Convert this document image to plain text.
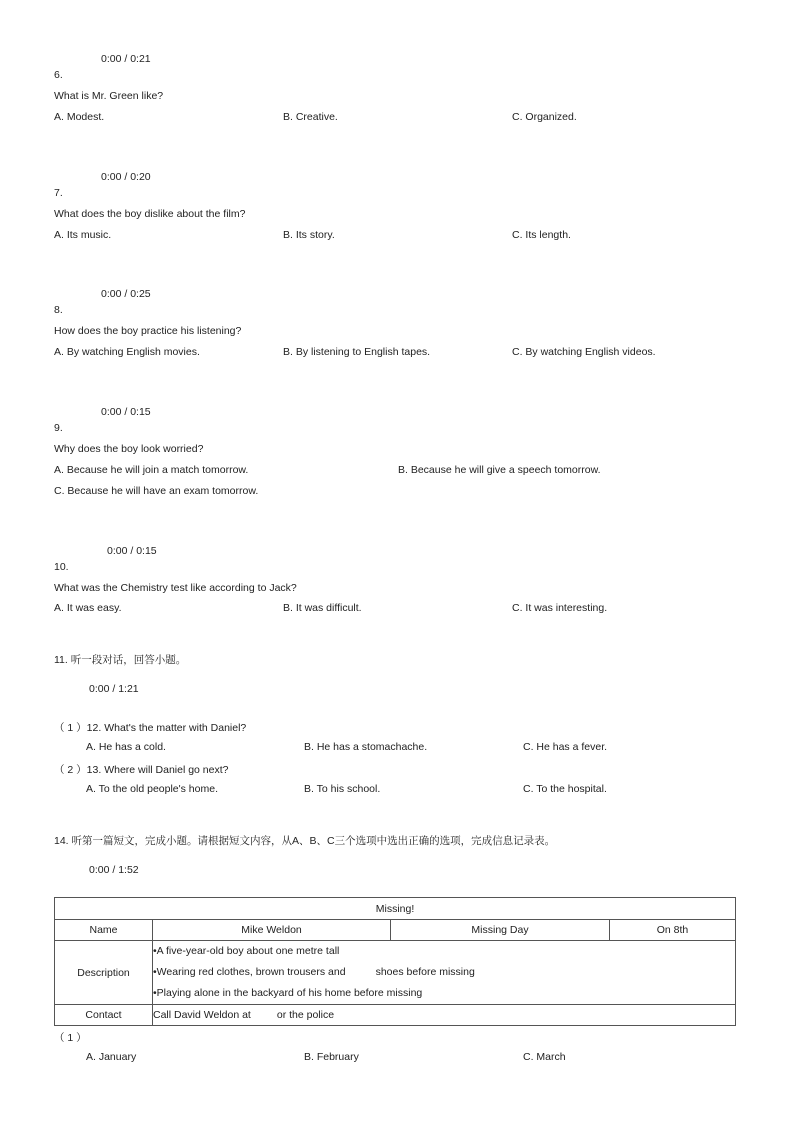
0:00 / 0:21
6.
What is Mr. Green like?
A. Modest.	B. Creative.	C. Organized.
0:00 / 0:20
7.
What does the boy dislike about the film?
A. Its music.	B. Its story.	C. Its length.
0:00 / 0:25
8.
How does the boy practice his listening?
A. By watching English movies.	B. By listening to English tapes.	C. By watching English videos.
0:00 / 0:15
9.
Why does the boy look worried?
A. Because he will join a match tomorrow.	B. Because he will give a speech tomorrow.
C. Because he will have an exam tomorrow.
0:00 / 0:15
10.
What was the Chemistry test like according to Jack?
A. It was easy.	B. It was difficult.	C. It was interesting.
11. 听一段对话，回答小题。
0:00 / 1:21
（ 1 ）12. What's the matter with Daniel?
A. He has a cold.	B. He has a stomachache.	C. He has a fever.
（ 2 ）13. Where will Daniel go next?
A. To the old people's home.	B. To his school.	C. To the hospital.
14. 听第一篇短文，完成小题。请根据短文内容，从A、B、C三个选项中选出正确的选项，完成信息记录表。
0:00 / 1:52
Missing!			
Name	Mike Weldon	Missing Day	On 8th
Description	•A five-year-old boy about one metre tall
•Wearing red clothes, brown trousers and shoes before missing
•Playing alone in the backyard of his home before missing		

Contact	Call David Weldon at or the police		
（ 1 ）
A. January	B. February	C. March
